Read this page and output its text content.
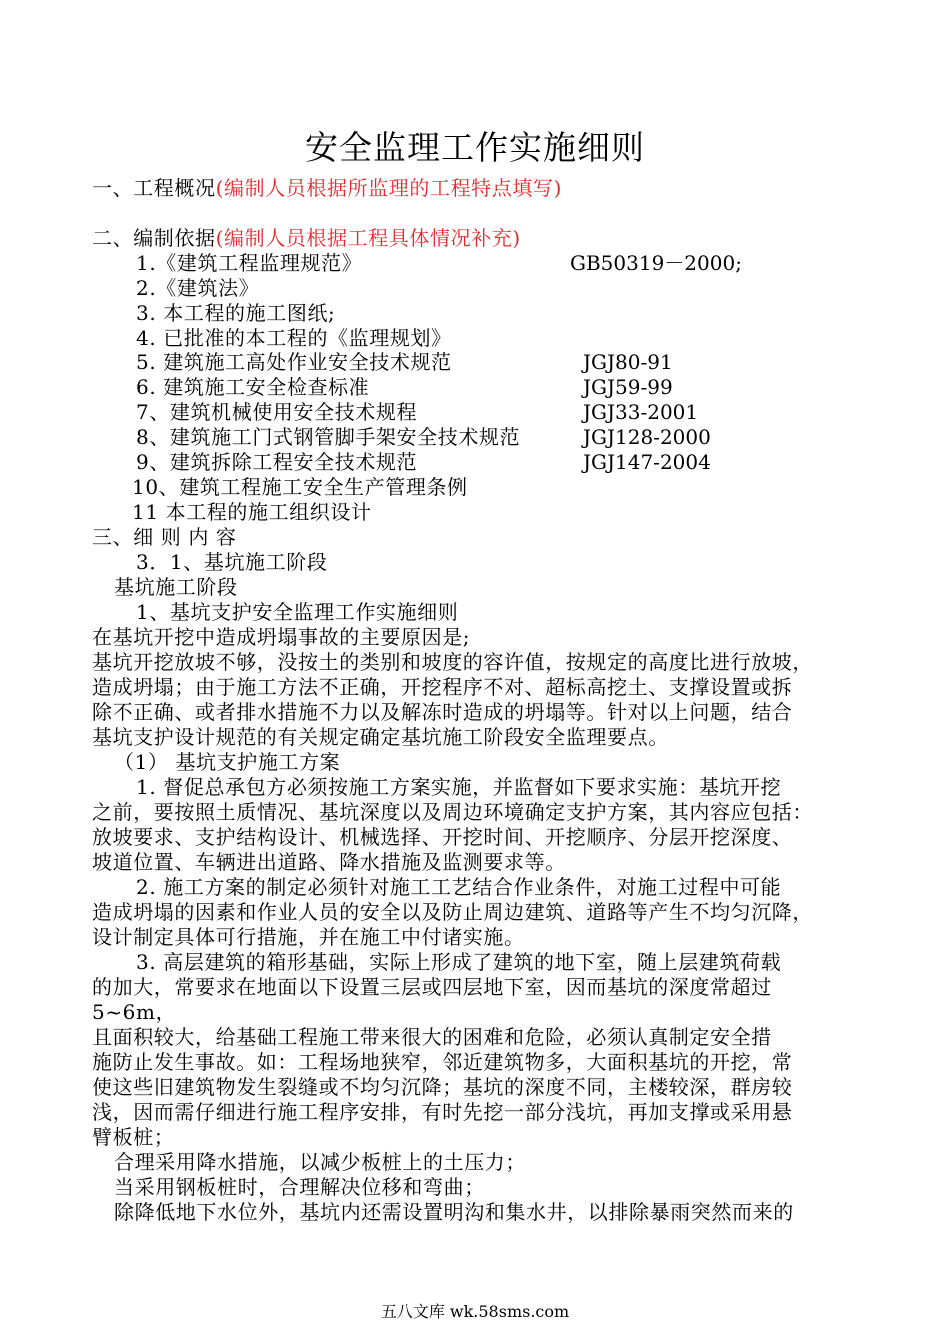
安全监理工作实施细则
一、工程概况(编制人员根据所监理的工程特点填写)
二、编制依据(编制人员根据工程具体情况补充)
1.《建筑工程监理规范》	GB50319－2000;
2.《建筑法》
3. 本工程的施工图纸;
4. 已批准的本工程的《监理规划》
5. 建筑施工高处作业安全技术规范	JGJ80-91
6. 建筑施工安全检查标准	JGJ59-99
7、建筑机械使用安全技术规程	JGJ33-2001
8、建筑施工门式钢管脚手架安全技术规范	JGJ128-2000
9、建筑拆除工程安全技术规范	JGJ147-2004
10、建筑工程施工安全生产管理条例
11 本工程的施工组织设计
三、细 则 内 容
3．1、基坑施工阶段
基坑施工阶段
1、基坑支护安全监理工作实施细则
在基坑开挖中造成坍塌事故的主要原因是;
基坑开挖放坡不够，没按土的类别和坡度的容许值，按规定的高度比进行放坡，
造成坍塌；由于施工方法不正确，开挖程序不对、超标高挖土、支撑设置或拆
除不正确、或者排水措施不力以及解冻时造成的坍塌等。针对以上问题，结合
基坑支护设计规范的有关规定确定基坑施工阶段安全监理要点。
（1） 基坑支护施工方案
1. 督促总承包方必须按施工方案实施，并监督如下要求实施：基坑开挖
之前，要按照土质情况、基坑深度以及周边环境确定支护方案，其内容应包括：
放坡要求、支护结构设计、机械选择、开挖时间、开挖顺序、分层开挖深度、
坡道位置、车辆进出道路、降水措施及监测要求等。
2. 施工方案的制定必须针对施工工艺结合作业条件，对施工过程中可能
造成坍塌的因素和作业人员的安全以及防止周边建筑、道路等产生不均匀沉降，
设计制定具体可行措施，并在施工中付诸实施。
3. 高层建筑的箱形基础，实际上形成了建筑的地下室，随上层建筑荷载
的加大，常要求在地面以下设置三层或四层地下室，因而基坑的深度常超过
5~6m，
且面积较大，给基础工程施工带来很大的困难和危险，必须认真制定安全措
施防止发生事故。如：工程场地狭窄，邻近建筑物多，大面积基坑的开挖，常
使这些旧建筑物发生裂缝或不均匀沉降；基坑的深度不同，主楼较深，群房较
浅，因而需仔细进行施工程序安排，有时先挖一部分浅坑，再加支撑或采用悬
臂板桩；
合理采用降水措施，以减少板桩上的土压力；
当采用钢板桩时，合理解决位移和弯曲；
除降低地下水位外，基坑内还需设置明沟和集水井，以排除暴雨突然而来的
五八文库 wk.58sms.com
